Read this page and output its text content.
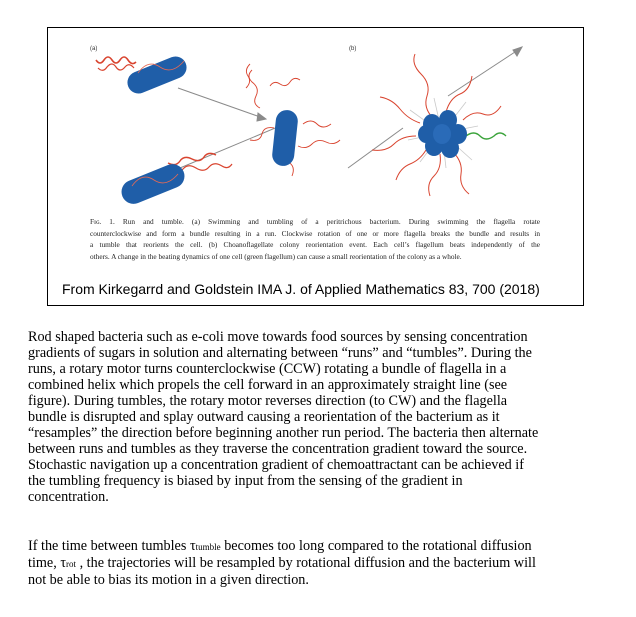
(a)	(b)
Fɪɢ. 1. Run and tumble. (a) Swimming and tumbling of a peritrichous bacterium. During swimming the flagella rotate
counterclockwise and form a bundle resulting in a run. Clockwise rotation of one or more flagella breaks the bundle and results in
a tumble that reorients the cell. (b) Choanoflagellate colony reorientation event. Each cell’s flagellum beats independently of the
others. A change in the beating dynamics of one cell (green flagellum) can cause a small reorientation of the colony as a whole.
From Kirkegarrd and Goldstein IMA J. of Applied Mathematics 83, 700 (2018)
Rod shaped bacteria such as e-coli move towards food sources by sensing concentration
gradients of sugars in solution and alternating between “runs” and “tumbles”. During the
runs, a rotary motor turns counterclockwise (CCW) rotating a bundle of flagella in a
combined helix which propels the cell forward in an approximately straight line (see
figure). During tumbles, the rotary motor reverses direction (to CW) and the flagella
bundle is disrupted and splay outward causing a reorientation of the bacterium as it
“resamples” the direction before beginning another run period. The bacteria then alternate
between runs and tumbles as they traverse the concentration gradient toward the source.
Stochastic navigation up a concentration gradient of chemoattractant can be achieved if
the tumbling frequency is biased by input from the sensing of the gradient in
concentration.
If the time between tumbles τtumble becomes too long compared to the rotational diffusion
time, τrot , the trajectories will be resampled by rotational diffusion and the bacterium will
not be able to bias its motion in a given direction.
